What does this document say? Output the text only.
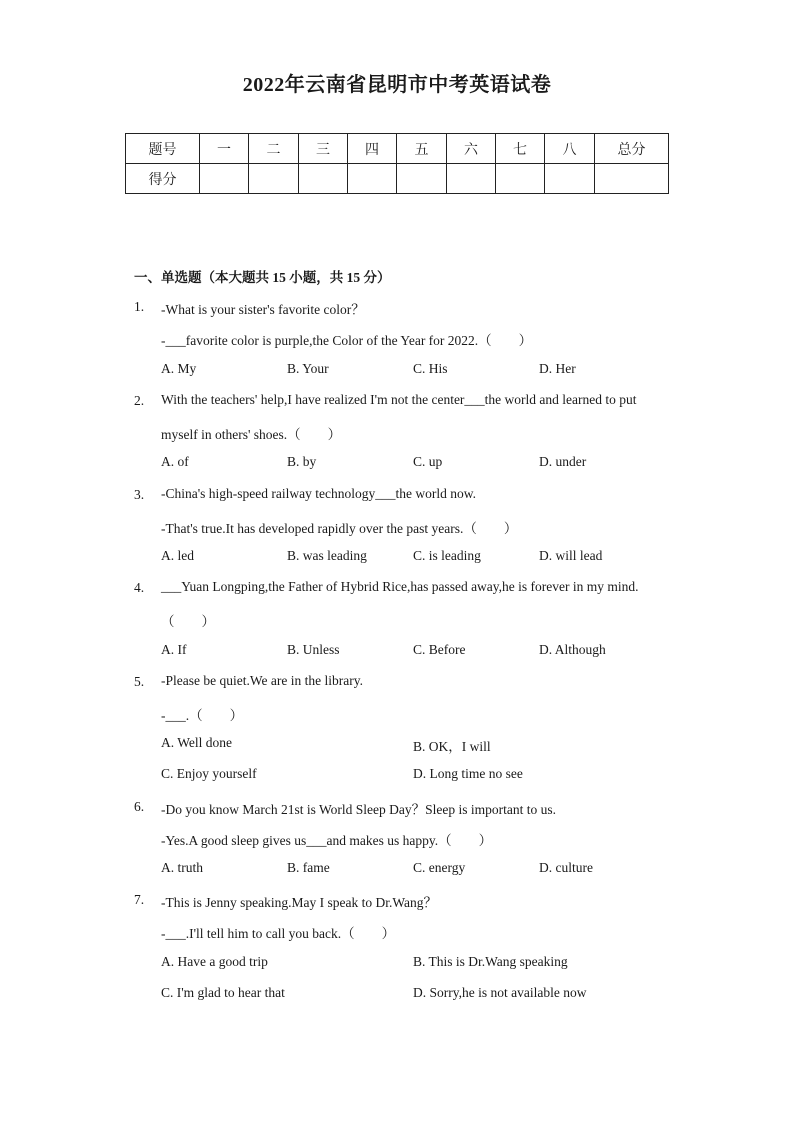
2022年云南省昆明市中考英语试卷
题号	一	二	三	四	五	六	七	八	总分
得分									
一、单选题（本大题共 15 小题，共 15 分）
1. -What is your sister's favorite color？
-___favorite color is purple,the Color of the Year for 2022.（　　）
A. My	B. Your	C. His	D. Her
2. With the teachers' help,I have realized I'm not the center___the world and learned to put
myself in others' shoes.（　　）
A. of	B. by	C. up	D. under
3. -China's high-speed railway technology___the world now.
-That's true.It has developed rapidly over the past years.（　　）
A. led	B. was leading	C. is leading	D. will lead
4. ___Yuan Longping,the Father of Hybrid Rice,has passed away,he is forever in my mind.
（　　）
A. If	B. Unless	C. Before	D. Although
5. -Please be quiet.We are in the library.
-___.（　　）
A. Well done	B. OK，I will
C. Enjoy yourself	D. Long time no see
6. -Do you know March 21st is World Sleep Day？Sleep is important to us.
-Yes.A good sleep gives us___and makes us happy.（　　）
A. truth	B. fame	C. energy	D. culture
7. -This is Jenny speaking.May I speak to Dr.Wang？
-___.I'll tell him to call you back.（　　）
A. Have a good trip	B. This is Dr.Wang speaking
C. I'm glad to hear that	D. Sorry,he is not available now
